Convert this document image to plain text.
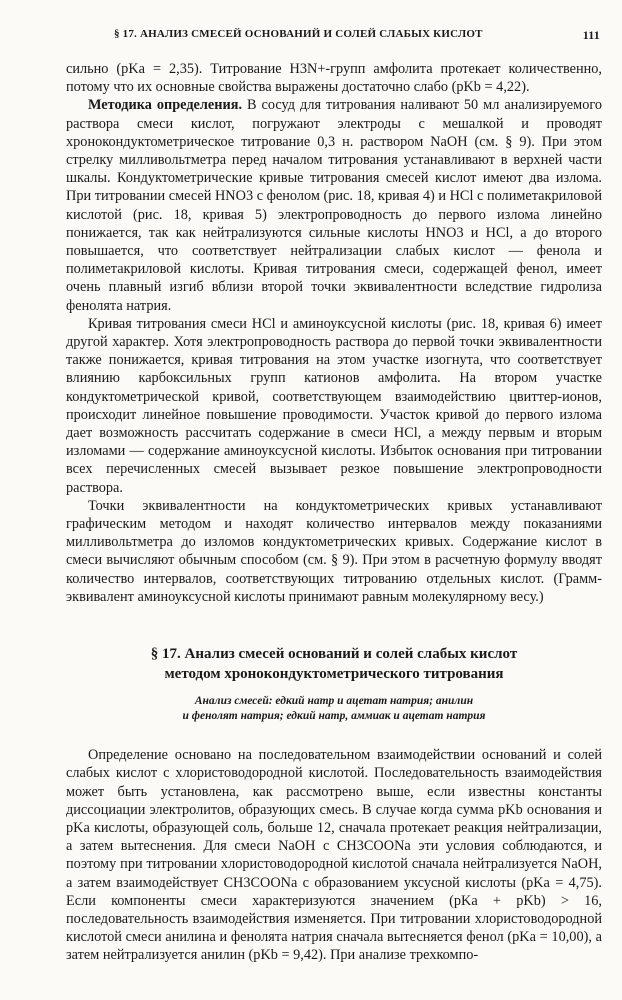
§ 17. АНАЛИЗ СМЕСЕЙ ОСНОВАНИЙ И СОЛЕЙ СЛАБЫХ КИСЛОТ	111

сильно (pKa = 2,35). Титрование H3N+-групп амфолита протекает количественно, потому что их основные свойства выражены достаточно слабо (pKb = 4,22).

Методика определения. В сосуд для титрования наливают 50 мл анализируемого раствора смеси кислот, погружают электроды с мешалкой и проводят хронокондуктометрическое титрование 0,3 н. раствором NaOH (см. § 9). При этом стрелку милливольтметра перед началом титрования устанавливают в верхней части шкалы. Кондуктометрические кривые титрования смесей кислот имеют два излома. При титровании смесей HNO3 с фенолом (рис. 18, кривая 4) и HCl с полиметакриловой кислотой (рис. 18, кривая 5) электропроводность до первого излома линейно понижается, так как нейтрализуются сильные кислоты HNO3 и HCl, а до второго повышается, что соответствует нейтрализации слабых кислот — фенола и полиметакриловой кислоты. Кривая титрования смеси, содержащей фенол, имеет очень плавный изгиб вблизи второй точки эквивалентности вследствие гидролиза фенолята натрия.

Кривая титрования смеси HCl и аминоуксусной кислоты (рис. 18, кривая 6) имеет другой характер. Хотя электропроводность раствора до первой точки эквивалентности также понижается, кривая титрования на этом участке изогнута, что соответствует влиянию карбоксильных групп катионов амфолита. На втором участке кондуктометрической кривой, соответствующем взаимодействию цвиттер-ионов, происходит линейное повышение проводимости. Участок кривой до первого излома дает возможность рассчитать содержание в смеси HCl, а между первым и вторым изломами — содержание аминоуксусной кислоты. Избыток основания при титровании всех перечисленных смесей вызывает резкое повышение электропроводности раствора.

Точки эквивалентности на кондуктометрических кривых устанавливают графическим методом и находят количество интервалов между показаниями милливольтметра до изломов кондуктометрических кривых. Содержание кислот в смеси вычисляют обычным способом (см. § 9). При этом в расчетную формулу вводят количество интервалов, соответствующих титрованию отдельных кислот. (Грамм-эквивалент аминоуксусной кислоты принимают равным молекулярному весу.)

§ 17. Анализ смесей оснований и солей слабых кислот
методом хронокондуктометрического титрования
Анализ смесей: едкий натр и ацетат натрия; анилин
и фенолят натрия; едкий натр, аммиак и ацетат натрия

Определение основано на последовательном взаимодействии оснований и солей слабых кислот с хлористоводородной кислотой. Последовательность взаимодействия может быть установлена, как рассмотрено выше, если известны константы диссоциации электролитов, образующих смесь. В случае когда сумма pKb основания и pKa кислоты, образующей соль, больше 12, сначала протекает реакция нейтрализации, а затем вытеснения. Для смеси NaOH с CH3COONa эти условия соблюдаются, и поэтому при титровании хлористоводородной кислотой сначала нейтрализуется NaOH, а затем взаимодействует CH3COONa с образованием уксусной кислоты (pKa = 4,75). Если компоненты смеси характеризуются значением (pKa + pKb) > 16, последовательность взаимодействия изменяется. При титровании хлористоводородной кислотой смеси анилина и фенолята натрия сначала вытесняется фенол (pKa = 10,00), а затем нейтрализуется анилин (pKb = 9,42). При анализе трехкомпо-
